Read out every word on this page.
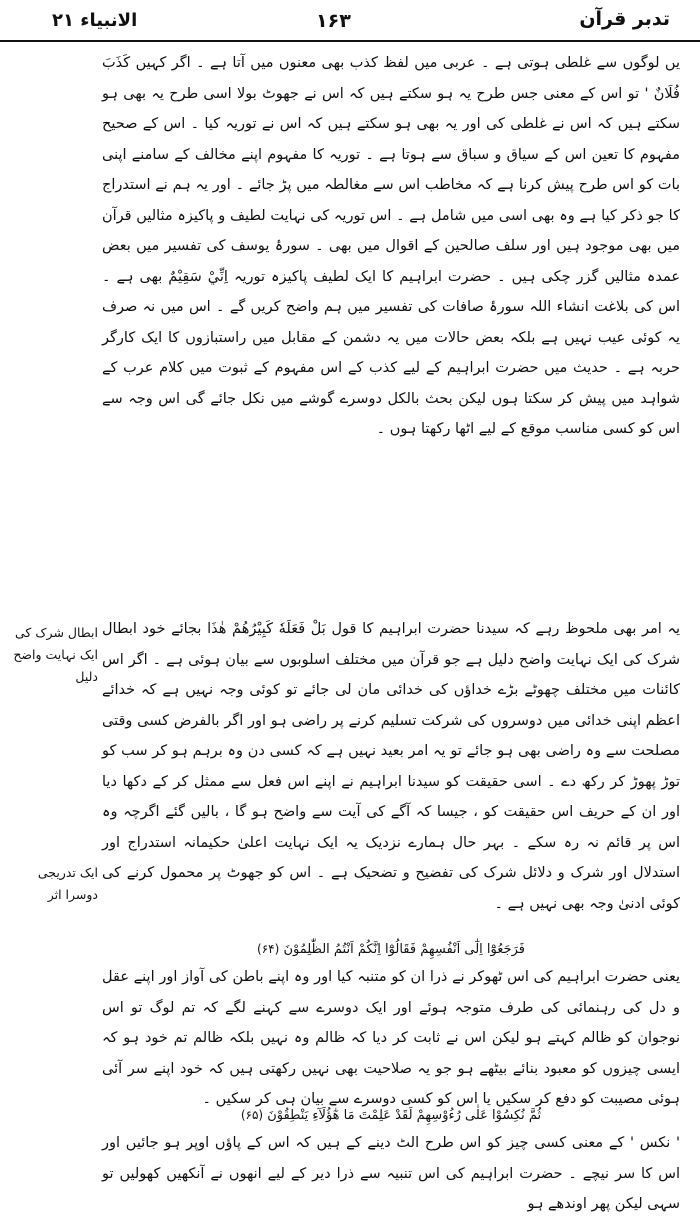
الانبیاء ۲۱	۱۶۳	تدبر قرآن

یں لوگوں سے غلطی ہوتی ہے ۔ عربی میں لفظ کذب بھی معنوں میں آتا ہے ۔ اگر کہیں کَذَبَ فُلَانٌ ' تو اس کے معنی جس طرح یہ ہو سکتے ہیں کہ اس نے جھوٹ بولا اسی طرح یہ بھی ہو سکتے ہیں کہ اس نے غلطی کی اور یہ بھی ہو سکتے ہیں کہ اس نے توریہ کیا ۔ اس کے صحیح مفہوم کا تعین اس کے سیاق و سباق سے ہوتا ہے ۔ توریہ کا مفہوم اپنے مخالف کے سامنے اپنی بات کو اس طرح پیش کرنا ہے کہ مخاطب اس سے مغالطہ میں پڑ جائے ۔ اور یہ ہم نے استدراج کا جو ذکر کیا ہے وہ بھی اسی میں شامل ہے ۔ اس توریہ کی نہایت لطیف و پاکیزہ مثالیں قرآن میں بھی موجود ہیں اور سلف صالحین کے اقوال میں بھی ۔ سورۂ یوسف کی تفسیر میں بعض عمدہ مثالیں گزر چکی ہیں ۔ حضرت ابراہیم کا ایک لطیف پاکیزہ توریہ اِنِّيْ سَقِيْمٌ بھی ہے ۔ اس کی بلاغت انشاء اللہ سورۂ صافات کی تفسیر میں ہم واضح کریں گے ۔ اس میں نہ صرف یہ کوئی عیب نہیں ہے بلکہ بعض حالات میں یہ دشمن کے مقابل میں راستبازوں کا ایک کارگر حربہ ہے ۔ حدیث میں حضرت ابراہیم کے لیے کذب کے اس مفہوم کے ثبوت میں کلام عرب کے شواہد میں پیش کر سکتا ہوں لیکن بحث بالکل دوسرے گوشے میں نکل جائے گی اس وجہ سے اس کو کسی مناسب موقع کے لیے اٹھا رکھتا ہوں ۔

یہ امر بھی ملحوظ رہے کہ سیدنا حضرت ابراہیم کا قول بَلْ فَعَلَهٗ كَبِيْرُهُمْ هٰذَا بجائے خود ابطال شرک کی ایک نہایت واضح دلیل ہے جو قرآن میں مختلف اسلوبوں سے بیان ہوئی ہے ۔ اگر اس کائنات میں مختلف چھوٹے بڑے خداؤں کی خدائی مان لی جائے تو کوئی وجہ نہیں ہے کہ خدائے اعظم اپنی خدائی میں دوسروں کی شرکت تسلیم کرنے پر راضی ہو اور اگر بالفرض کسی وقتی مصلحت سے وہ راضی بھی ہو جائے تو یہ امر بعید نہیں ہے کہ کسی دن وہ برہم ہو کر سب کو توڑ پھوڑ کر رکھ دے ۔ اسی حقیقت کو سیدنا ابراہیم نے اپنے اس فعل سے ممثل کر کے دکھا دیا اور ان کے حریف اس حقیقت کو ، جیسا کہ آگے کی آیت سے واضح ہو گا ، بالیں گئے اگرچہ وہ اس پر قائم نہ رہ سکے ۔ بہر حال ہمارے نزدیک یہ ایک نہایت اعلیٰ حکیمانہ استدراج اور استدلال اور شرک و دلائل شرک کی تفضیح و تضحیک ہے ۔ اس کو جھوٹ پر محمول کرنے کی کوئی ادنیٰ وجہ بھی نہیں ہے ۔

فَرَجَعُوْٓا اِلٰٓى اَنْفُسِهِمْ فَقَالُوْٓا اِنَّكُمْ اَنْتُمُ الظّٰلِمُوْنَ (۶۴)

یعنی حضرت ابراہیم کی اس ٹھوکر نے ذرا ان کو متنبہ کیا اور وہ اپنے باطن کی آواز اور اپنے عقل و دل کی رہنمائی کی طرف متوجہ ہوئے اور ایک دوسرے سے کہنے لگے کہ تم لوگ تو اس نوجوان کو ظالم کہتے ہو لیکن اس نے ثابت کر دیا کہ ظالم وہ نہیں بلکہ ظالم تم خود ہو کہ ایسی چیزوں کو معبود بنائے بیٹھے ہو جو یہ صلاحیت بھی نہیں رکھتی ہیں کہ خود اپنے سر آئی ہوئی مصیبت کو دفع کر سکیں یا اس کو کسی دوسرے سے بیان ہی کر سکیں ۔

ثُمَّ نُكِسُوْا عَلٰى رُءُوْسِهِمْ لَقَدْ عَلِمْتَ مَا هٰٓؤُلَآءِ يَنْطِقُوْنَ (۶۵)

' نکس ' کے معنی کسی چیز کو اس طرح الٹ دینے کے ہیں کہ اس کے پاؤں اوپر ہو جائیں اور اس کا سر نیچے ۔ حضرت ابراہیم کی اس تنبیہ سے ذرا دیر کے لیے انھوں نے آنکھیں کھولیں تو سہی لیکن پھر اوندھے ہو

ابطال شرک کی ایک نہایت واضح دلیل
ایک تدریجی دوسرا اثر
